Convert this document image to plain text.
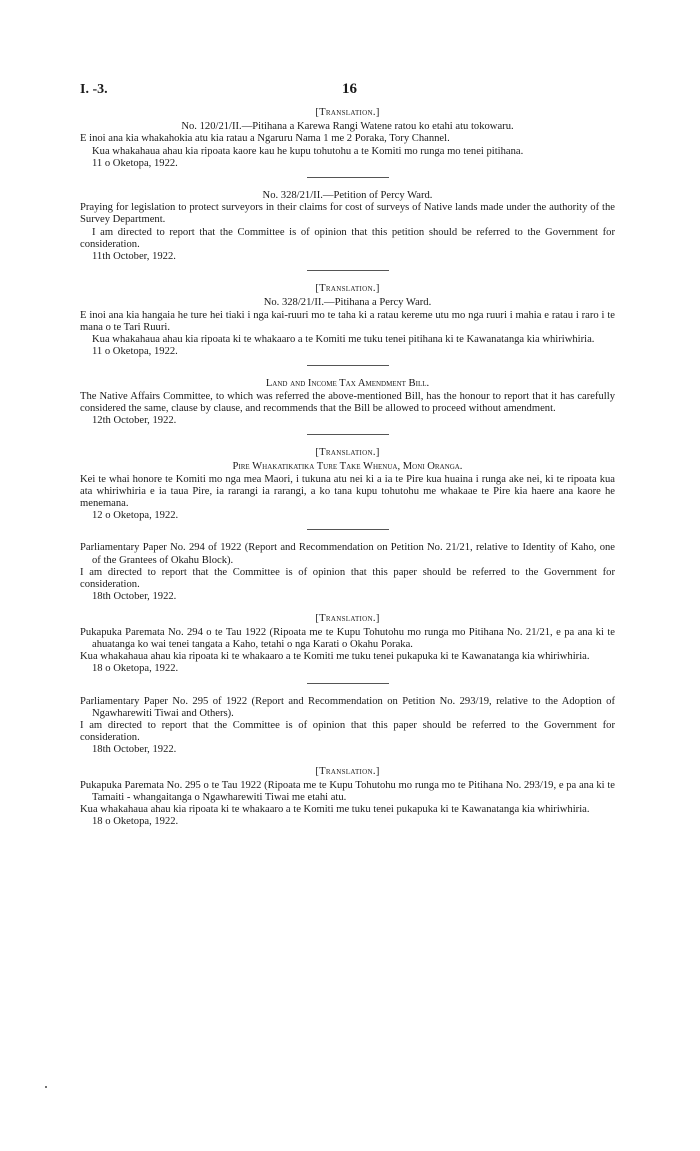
I. -3.	16
[Translation.]
No. 120/21/II.—Pitihana a Karewa Rangi Watene ratou ko etahi atu tokowaru.

E inoi ana kia whakahokia atu kia ratau a Ngaruru Nama 1 me 2 Poraka, Tory Channel.

Kua whakahaua ahau kia ripoata kaore kau he kupu tohutohu a te Komiti mo runga mo tenei pitihana.

11 o Oketopa, 1922.
No. 328/21/II.—Petition of Percy Ward.

Praying for legislation to protect surveyors in their claims for cost of surveys of Native lands made under the authority of the Survey Department.

I am directed to report that the Committee is of opinion that this petition should be referred to the Government for consideration.

11th October, 1922.
[Translation.]
No. 328/21/II.—Pitihana a Percy Ward.

E inoi ana kia hangaia he ture hei tiaki i nga kai-ruuri mo te taha ki a ratau kereme utu mo nga ruuri i mahia e ratau i raro i te mana o te Tari Ruuri.

Kua whakahaua ahau kia ripoata ki te whakaaro a te Komiti me tuku tenei pitihana ki te Kawanatanga kia whiriwhiria.

11 o Oketopa, 1922.
Land and Income Tax Amendment Bill.

The Native Affairs Committee, to which was referred the above-mentioned Bill, has the honour to report that it has carefully considered the same, clause by clause, and recommends that the Bill be allowed to proceed without amendment.

12th October, 1922.
[Translation.]
Pire Whakatikatika Ture Take Whenua, Moni Oranga.

Kei te whai honore te Komiti mo nga mea Maori, i tukuna atu nei ki a ia te Pire kua huaina i runga ake nei, ki te ripoata kua ata whiriwhiria e ia taua Pire, ia rarangi ia rarangi, a ko tana kupu tohutohu me whakaae te Pire kia haere ana kaore he menemana.

12 o Oketopa, 1922.
Parliamentary Paper No. 294 of 1922 (Report and Recommendation on Petition No. 21/21, relative to Identity of Kaho, one of the Grantees of Okahu Block).

I am directed to report that the Committee is of opinion that this paper should be referred to the Government for consideration.

18th October, 1922.
[Translation.]
Pukapuka Paremata No. 294 o te Tau 1922 (Ripoata me te Kupu Tohutohu mo runga mo Pitihana No. 21/21, e pa ana ki te ahuatanga ko wai tenei tangata a Kaho, tetahi o nga Karati o Okahu Poraka.

Kua whakahaua ahau kia ripoata ki te whakaaro a te Komiti me tuku tenei pukapuka ki te Kawanatanga kia whiriwhiria.

18 o Oketopa, 1922.
Parliamentary Paper No. 295 of 1922 (Report and Recommendation on Petition No. 293/19, relative to the Adoption of Ngawharewiti Tiwai and Others).

I am directed to report that the Committee is of opinion that this paper should be referred to the Government for consideration.

18th October, 1922.
[Translation.]
Pukapuka Paremata No. 295 o te Tau 1922 (Ripoata me te Kupu Tohutohu mo runga mo te Pitihana No. 293/19, e pa ana ki te Tamaiti - whangaitanga o Ngawharewiti Tiwai me etahi atu.

Kua whakahaua ahau kia ripoata ki te whakaaro a te Komiti me tuku tenei pukapuka ki te Kawanatanga kia whiriwhiria.

18 o Oketopa, 1922.
